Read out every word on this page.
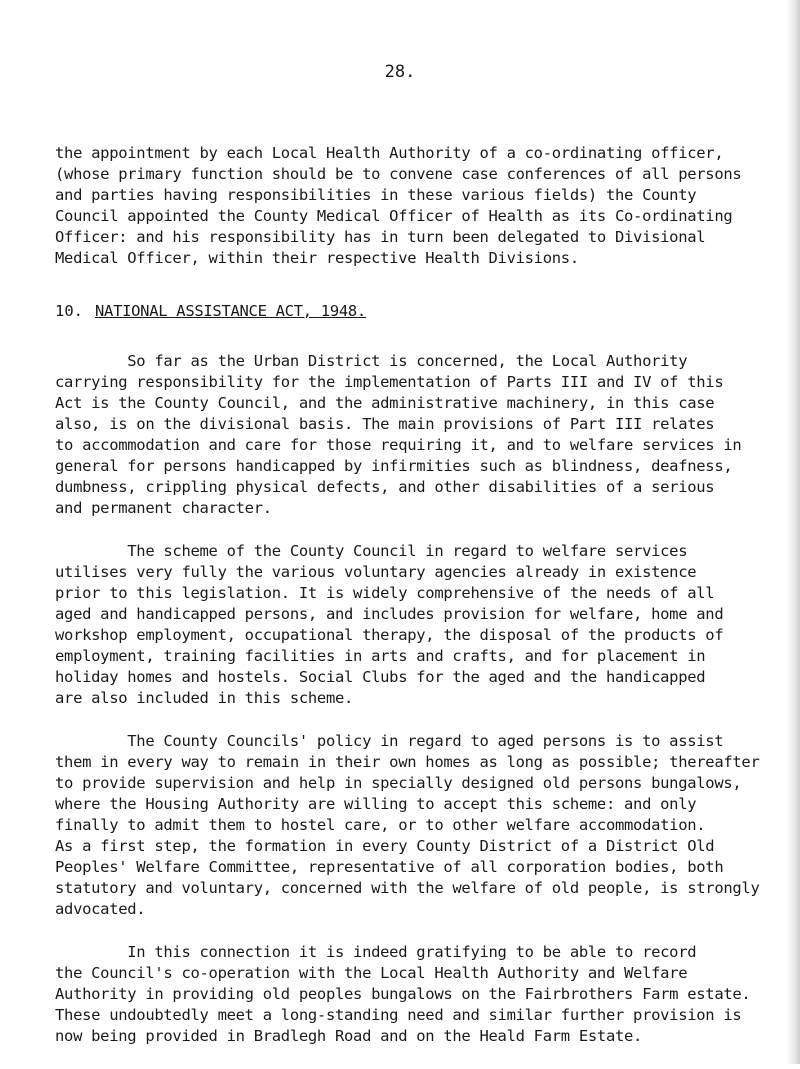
28.
the appointment by each Local Health Authority of a co-ordinating officer,
(whose primary function should be to convene case conferences of all persons
and parties having responsibilities in these various fields) the County
Council appointed the County Medical Officer of Health as its Co-ordinating
Officer: and his responsibility has in turn been delegated to Divisional
Medical Officer, within their respective Health Divisions.
10. NATIONAL ASSISTANCE ACT, 1948.
So far as the Urban District is concerned, the Local Authority
carrying responsibility for the implementation of Parts III and IV of this
Act is the County Council, and the administrative machinery, in this case
also, is on the divisional basis. The main provisions of Part III relates
to accommodation and care for those requiring it, and to welfare services in
general for persons handicapped by infirmities such as blindness, deafness,
dumbness, crippling physical defects, and other disabilities of a serious
and permanent character.
The scheme of the County Council in regard to welfare services
utilises very fully the various voluntary agencies already in existence
prior to this legislation. It is widely comprehensive of the needs of all
aged and handicapped persons, and includes provision for welfare, home and
workshop employment, occupational therapy, the disposal of the products of
employment, training facilities in arts and crafts, and for placement in
holiday homes and hostels. Social Clubs for the aged and the handicapped
are also included in this scheme.
The County Councils' policy in regard to aged persons is to assist
them in every way to remain in their own homes as long as possible; thereafter
to provide supervision and help in specially designed old persons bungalows,
where the Housing Authority are willing to accept this scheme: and only
finally to admit them to hostel care, or to other welfare accommodation.
As a first step, the formation in every County District of a District Old
Peoples' Welfare Committee, representative of all corporation bodies, both
statutory and voluntary, concerned with the welfare of old people, is strongly
advocated.
In this connection it is indeed gratifying to be able to record
the Council's co-operation with the Local Health Authority and Welfare
Authority in providing old peoples bungalows on the Fairbrothers Farm estate.
These undoubtedly meet a long-standing need and similar further provision is
now being provided in Bradlegh Road and on the Heald Farm Estate.
